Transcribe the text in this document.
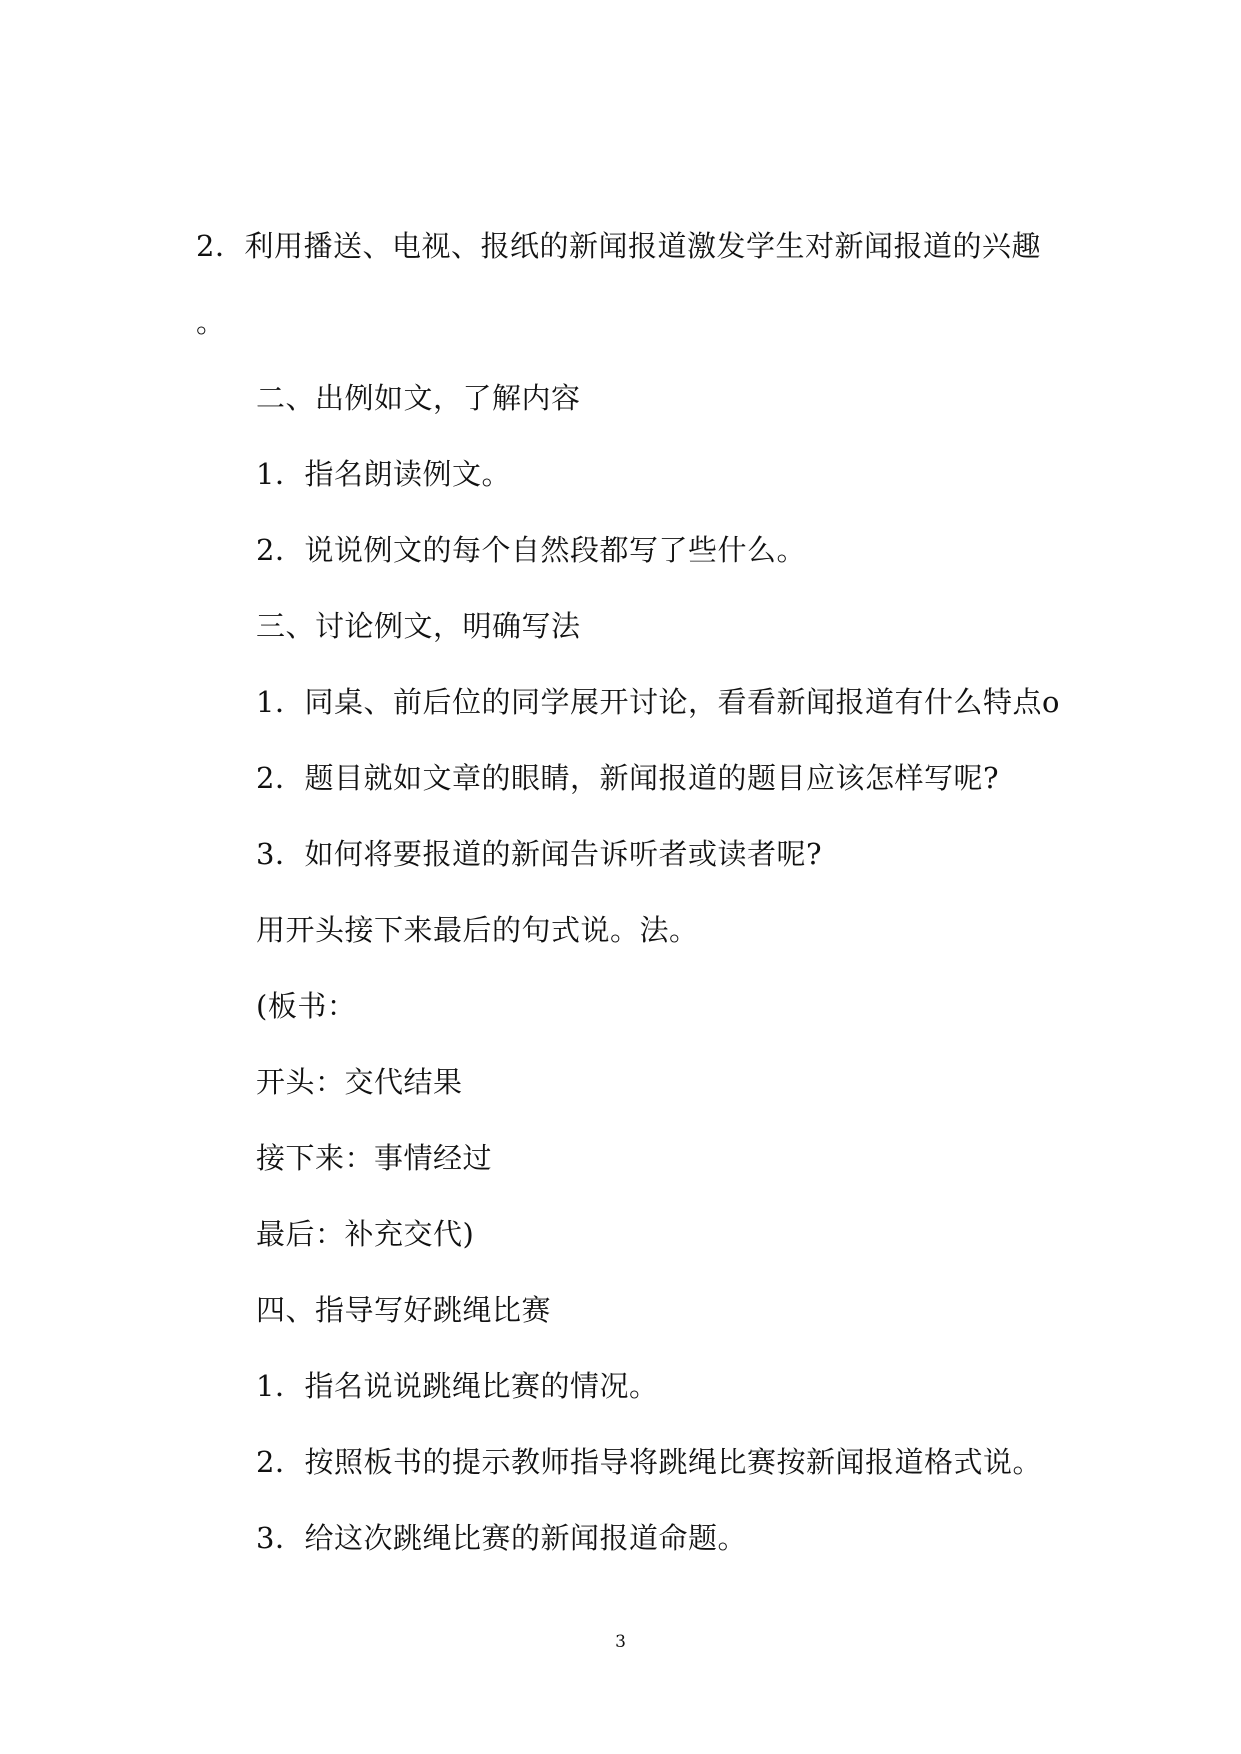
2．利用播送、电视、报纸的新闻报道激发学生对新闻报道的兴趣
。
二、出例如文，了解内容
1．指名朗读例文。
2．说说例文的每个自然段都写了些什么。
三、讨论例文，明确写法
1．同桌、前后位的同学展开讨论，看看新闻报道有什么特点o
2．题目就如文章的眼睛，新闻报道的题目应该怎样写呢?
3．如何将要报道的新闻告诉听者或读者呢?
用开头接下来最后的句式说。法。
(板书：
开头：交代结果
接下来：事情经过
最后：补充交代)
四、指导写好跳绳比赛
1．指名说说跳绳比赛的情况。
2．按照板书的提示教师指导将跳绳比赛按新闻报道格式说。
3．给这次跳绳比赛的新闻报道命题。
3
